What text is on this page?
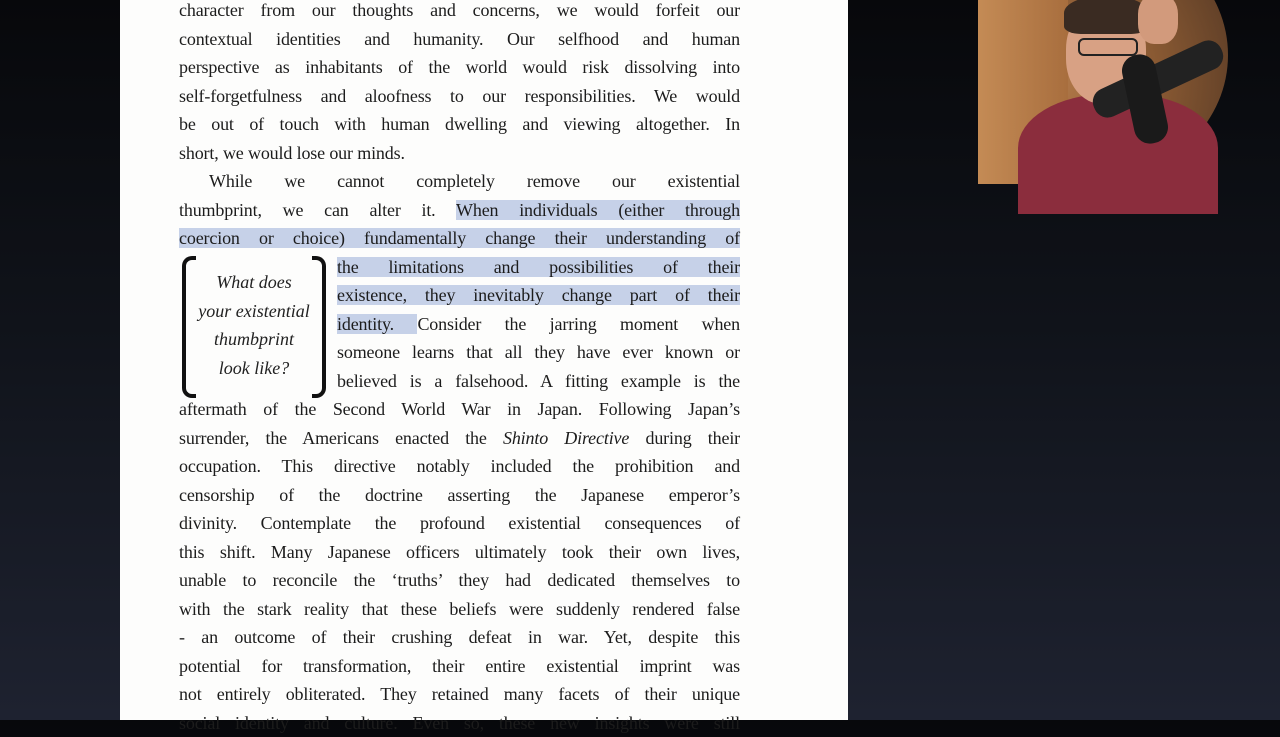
character from our thoughts and concerns, we would forfeit our
contextual identities and humanity. Our selfhood and human
perspective as inhabitants of the world would risk dissolving into
self-forgetfulness and aloofness to our responsibilities. We would
be out of touch with human dwelling and viewing altogether. In
short, we would lose our minds.
While we cannot completely remove our existential
thumbprint, we can alter it. When individuals (either through
coercion or choice) fundamentally change their understanding of
the limitations and possibilities of their
existence, they inevitably change part of their
identity. Consider the jarring moment when
someone learns that all they have ever known or
believed is a falsehood. A fitting example is the
aftermath of the Second World War in Japan. Following Japan’s
surrender, the Americans enacted the Shinto Directive during their
occupation. This directive notably included the prohibition and
censorship of the doctrine asserting the Japanese emperor’s
divinity. Contemplate the profound existential consequences of
this shift. Many Japanese officers ultimately took their own lives,
unable to reconcile the ‘truths’ they had dedicated themselves to
with the stark reality that these beliefs were suddenly rendered false
- an outcome of their crushing defeat in war. Yet, despite this
potential for transformation, their entire existential imprint was
not entirely obliterated. They retained many facets of their unique
social identity and culture. Even so, these new insights were still
What does
your existential
thumbprint
look like?
